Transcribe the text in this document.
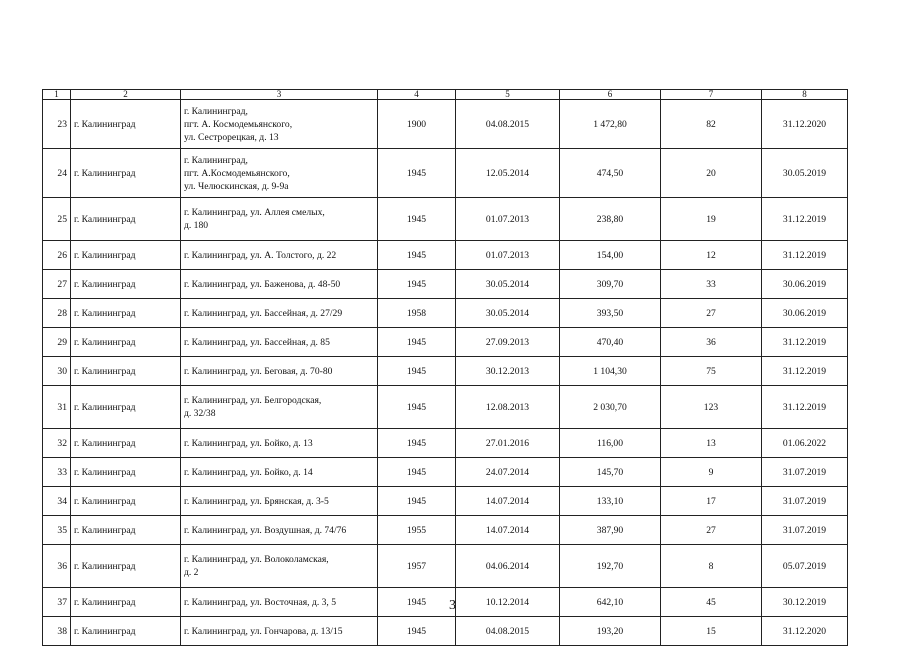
1	2	3	4	5	6	7	8
23	г. Калининград	г. Калининград,
пгт. А. Космодемьянского,
ул. Сестрорецкая, д. 13	1900	04.08.2015	1 472,80	82	31.12.2020
24	г. Калининград	г. Калининград,
пгт. А.Космодемьянского,
ул. Челюскинская, д. 9-9а	1945	12.05.2014	474,50	20	30.05.2019
25	г. Калининград	г. Калининград, ул. Аллея смелых,
д. 180	1945	01.07.2013	238,80	19	31.12.2019
26	г. Калининград	г. Калининград, ул. А. Толстого, д. 22	1945	01.07.2013	154,00	12	31.12.2019
27	г. Калининград	г. Калининград, ул. Баженова, д. 48-50	1945	30.05.2014	309,70	33	30.06.2019
28	г. Калининград	г. Калининград, ул. Бассейная, д. 27/29	1958	30.05.2014	393,50	27	30.06.2019
29	г. Калининград	г. Калининград, ул. Бассейная, д. 85	1945	27.09.2013	470,40	36	31.12.2019
30	г. Калининград	г. Калининград, ул. Беговая, д. 70-80	1945	30.12.2013	1 104,30	75	31.12.2019
31	г. Калининград	г. Калининград, ул. Белгородская,
д. 32/38	1945	12.08.2013	2 030,70	123	31.12.2019
32	г. Калининград	г. Калининград, ул. Бойко, д. 13	1945	27.01.2016	116,00	13	01.06.2022
33	г. Калининград	г. Калининград, ул. Бойко, д. 14	1945	24.07.2014	145,70	9	31.07.2019
34	г. Калининград	г. Калининград, ул. Брянская, д. 3-5	1945	14.07.2014	133,10	17	31.07.2019
35	г. Калининград	г. Калининград, ул. Воздушная, д. 74/76	1955	14.07.2014	387,90	27	31.07.2019
36	г. Калининград	г. Калининград, ул. Волоколамская,
д. 2	1957	04.06.2014	192,70	8	05.07.2019
37	г. Калининград	г. Калининград, ул. Восточная, д. 3, 5	1945	10.12.2014	642,10	45	30.12.2019
38	г. Калининград	г. Калининград, ул. Гончарова, д. 13/15	1945	04.08.2015	193,20	15	31.12.2020
3
